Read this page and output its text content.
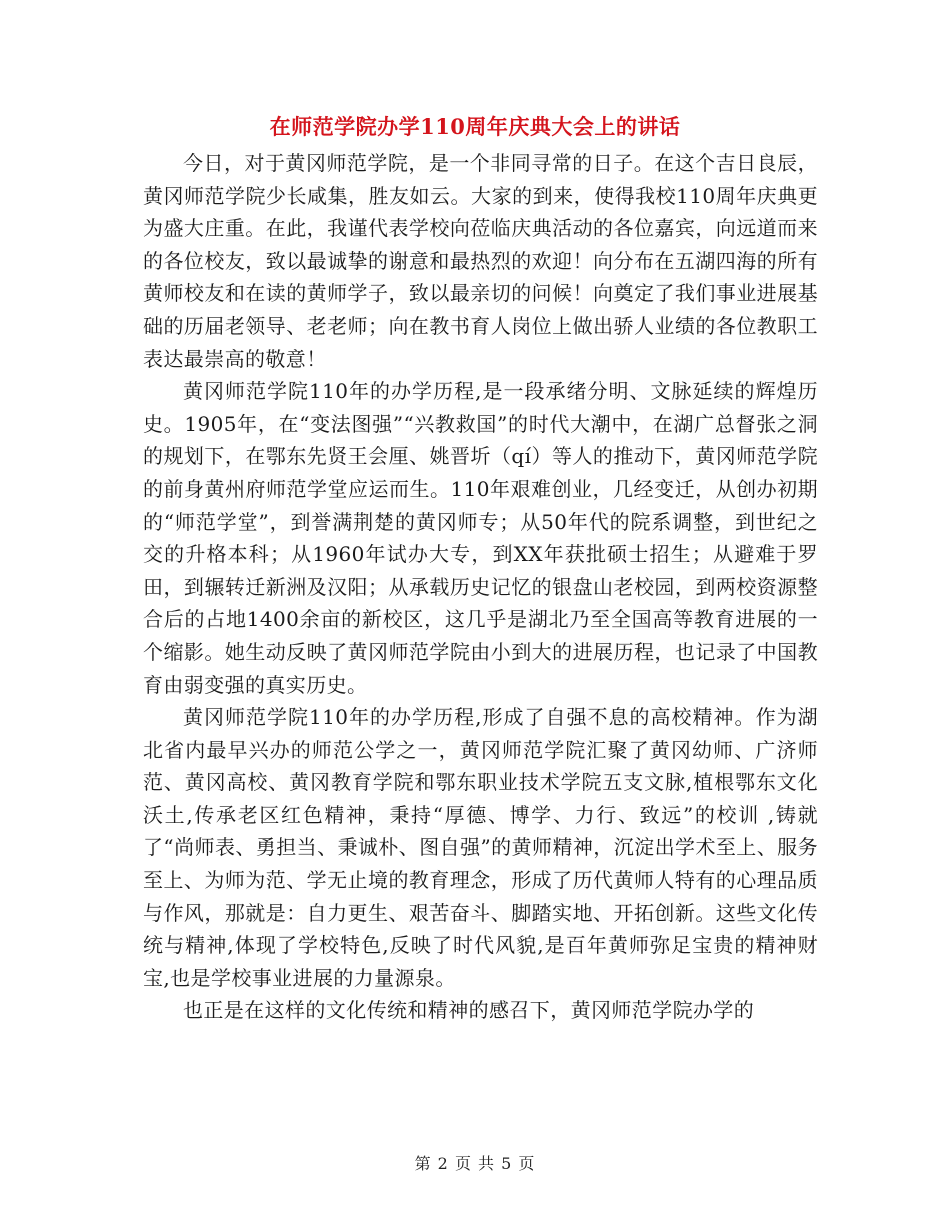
在师范学院办学110周年庆典大会上的讲话

今日，对于黄冈师范学院，是一个非同寻常的日子。在这个吉日良辰，黄冈师范学院少长咸集，胜友如云。大家的到来，使得我校110周年庆典更为盛大庄重。在此，我谨代表学校向莅临庆典活动的各位嘉宾，向远道而来的各位校友，致以最诚挚的谢意和最热烈的欢迎！向分布在五湖四海的所有黄师校友和在读的黄师学子，致以最亲切的问候！向奠定了我们事业进展基础的历届老领导、老老师；向在教书育人岗位上做出骄人业绩的各位教职工表达最崇高的敬意！

黄冈师范学院110年的办学历程,是一段承绪分明、文脉延续的辉煌历史。1905年，在“变法图强”“兴教救国”的时代大潮中，在湖广总督张之洞的规划下，在鄂东先贤王会厘、姚晋圻（qí）等人的推动下，黄冈师范学院的前身黄州府师范学堂应运而生。110年艰难创业，几经变迁，从创办初期的“师范学堂”，到誉满荆楚的黄冈师专；从50年代的院系调整，到世纪之交的升格本科；从1960年试办大专，到XX年获批硕士招生；从避难于罗田，到辗转迁新洲及汉阳；从承载历史记忆的银盘山老校园，到两校资源整合后的占地1400余亩的新校区，这几乎是湖北乃至全国高等教育进展的一个缩影。她生动反映了黄冈师范学院由小到大的进展历程，也记录了中国教育由弱变强的真实历史。

黄冈师范学院110年的办学历程,形成了自强不息的高校精神。作为湖北省内最早兴办的师范公学之一，黄冈师范学院汇聚了黄冈幼师、广济师范、黄冈高校、黄冈教育学院和鄂东职业技术学院五支文脉,植根鄂东文化沃土,传承老区红色精神，秉持“厚德、博学、力行、致远”的校训 ,铸就了“尚师表、勇担当、秉诚朴、图自强”的黄师精神，沉淀出学术至上、服务至上、为师为范、学无止境的教育理念，形成了历代黄师人特有的心理品质与作风，那就是：自力更生、艰苦奋斗、脚踏实地、开拓创新。这些文化传统与精神,体现了学校特色,反映了时代风貌,是百年黄师弥足宝贵的精神财宝,也是学校事业进展的力量源泉。

也正是在这样的文化传统和精神的感召下，黄冈师范学院办学的

第 2 页 共 5 页
